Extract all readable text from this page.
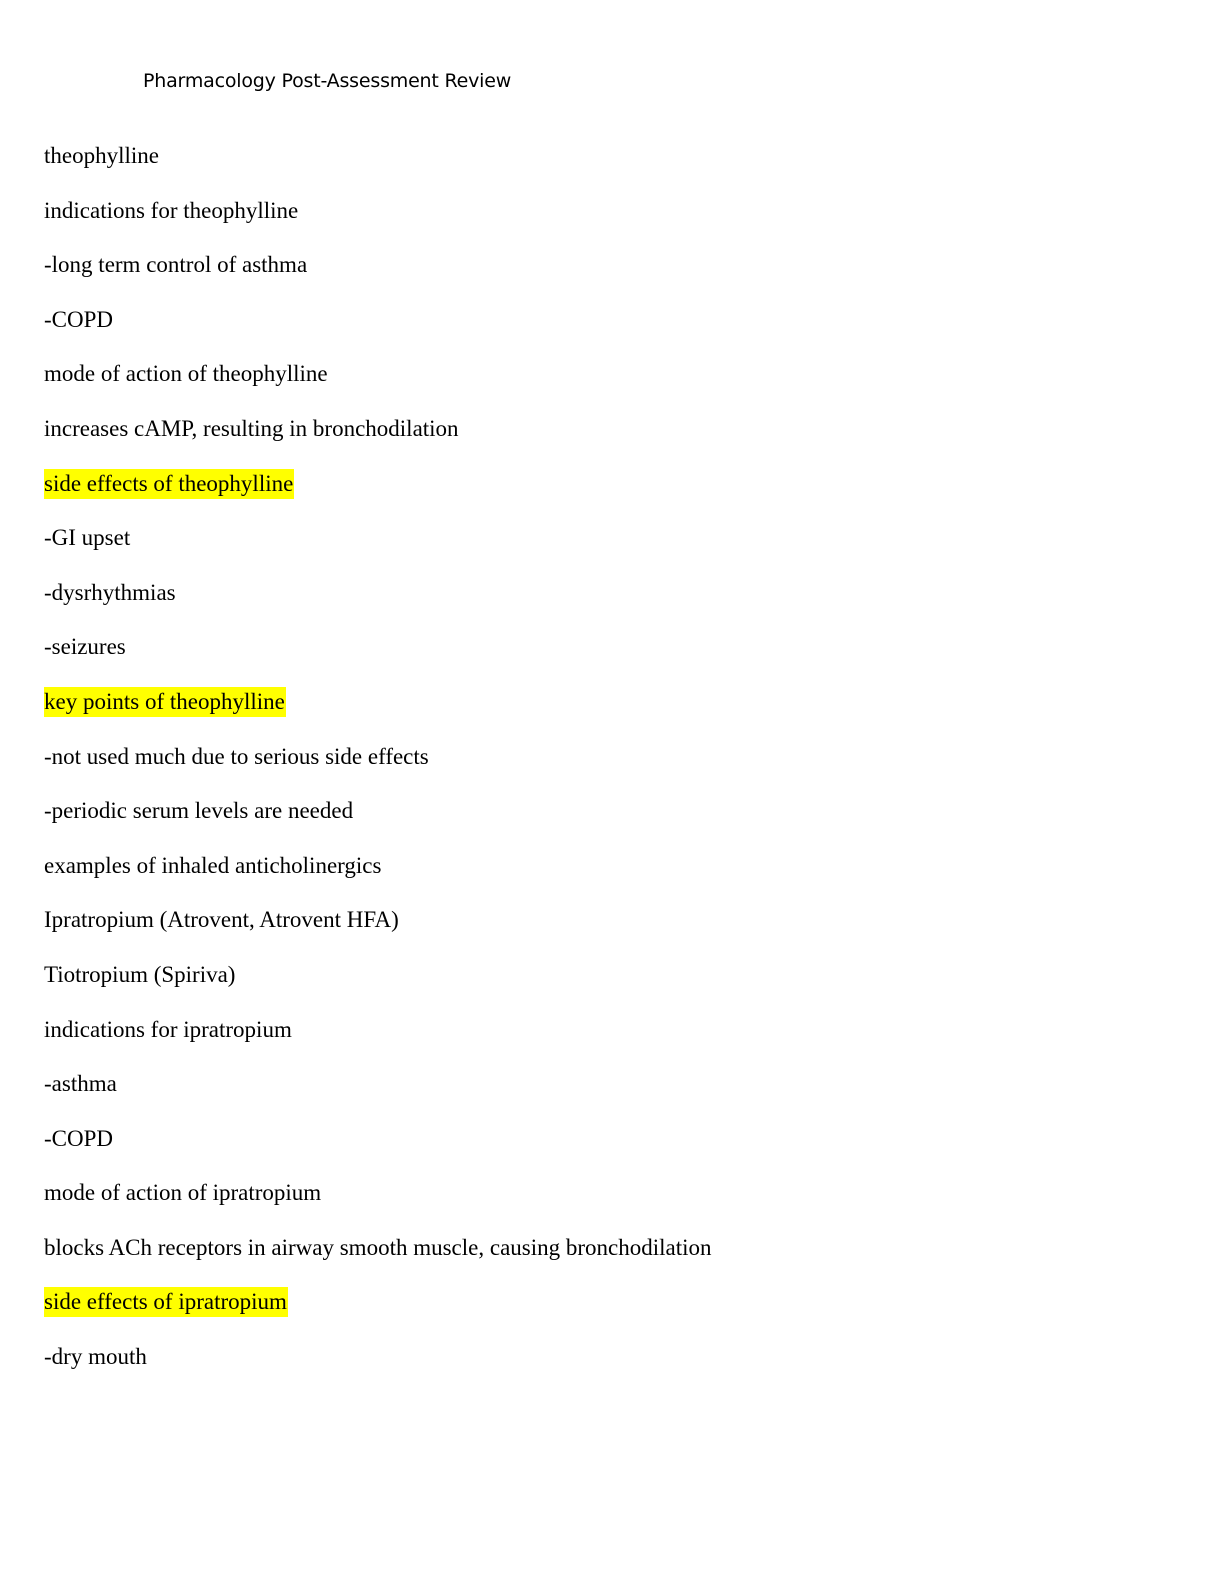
Pharmacology Post-Assessment Review
theophylline
indications for theophylline
-long term control of asthma
-COPD
mode of action of theophylline
increases cAMP, resulting in bronchodilation
side effects of theophylline
-GI upset
-dysrhythmias
-seizures
key points of theophylline
-not used much due to serious side effects
-periodic serum levels are needed
examples of inhaled anticholinergics
Ipratropium (Atrovent, Atrovent HFA)
Tiotropium (Spiriva)
indications for ipratropium
-asthma
-COPD
mode of action of ipratropium
blocks ACh receptors in airway smooth muscle, causing bronchodilation
side effects of ipratropium
-dry mouth
